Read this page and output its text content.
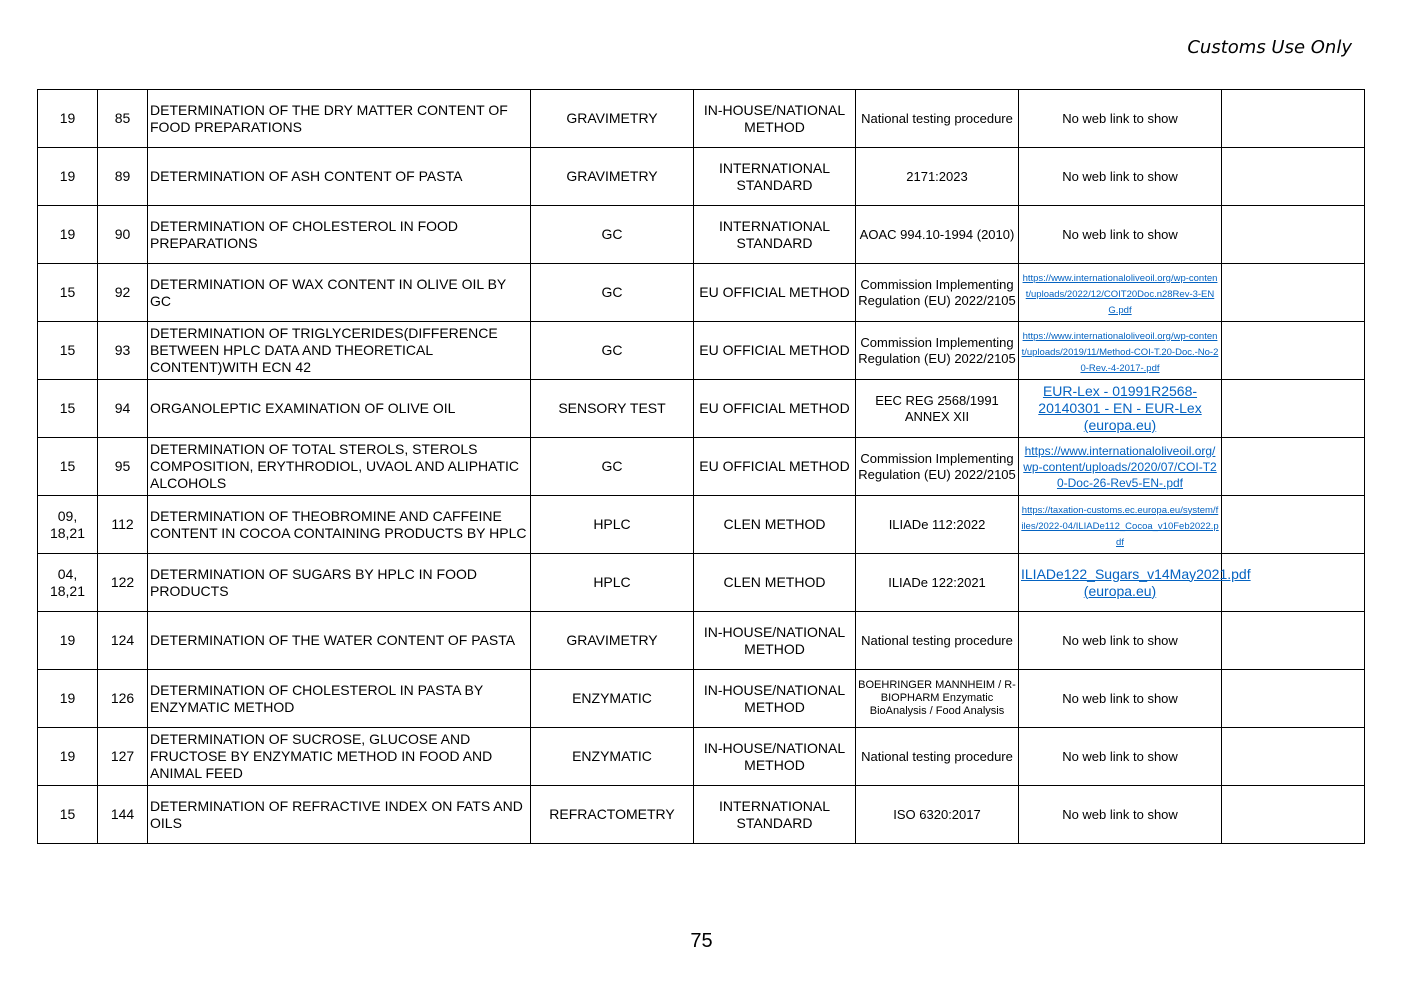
Customs Use Only
19	85	DETERMINATION OF THE DRY MATTER CONTENT OF FOOD PREPARATIONS	GRAVIMETRY	IN-HOUSE/NATIONAL METHOD	National testing procedure	No web link to show	
19	89	DETERMINATION OF ASH CONTENT OF PASTA	GRAVIMETRY	INTERNATIONAL STANDARD	2171:2023	No web link to show	
19	90	DETERMINATION OF CHOLESTEROL IN FOOD PREPARATIONS	GC	INTERNATIONAL STANDARD	AOAC 994.10-1994 (2010)	No web link to show	
15	92	DETERMINATION OF WAX CONTENT IN OLIVE OIL BY GC	GC	EU OFFICIAL METHOD	Commission Implementing Regulation (EU) 2022/2105	https://www.internationaloliveoil.org/wp-content/uploads/2022/12/COIT20Doc.n28Rev-3-ENG.pdf	
15	93	DETERMINATION OF TRIGLYCERIDES(DIFFERENCE BETWEEN HPLC DATA AND THEORETICAL CONTENT)WITH ECN 42	GC	EU OFFICIAL METHOD	Commission Implementing Regulation (EU) 2022/2105	https://www.internationaloliveoil.org/wp-content/uploads/2019/11/Method-COI-T.20-Doc.-No-20-Rev.-4-2017-.pdf	
15	94	ORGANOLEPTIC EXAMINATION OF OLIVE OIL	SENSORY TEST	EU OFFICIAL METHOD	EEC REG 2568/1991 ANNEX XII	EUR-Lex - 01991R2568-20140301 - EN - EUR-Lex (europa.eu)	
15	95	DETERMINATION OF TOTAL STEROLS, STEROLS COMPOSITION, ERYTHRODIOL, UVAOL AND ALIPHATIC ALCOHOLS	GC	EU OFFICIAL METHOD	Commission Implementing Regulation (EU) 2022/2105	https://www.internationaloliveoil.org/wp-content/uploads/2020/07/COI-T20-Doc-26-Rev5-EN-.pdf	
09, 18,21	112	DETERMINATION OF THEOBROMINE AND CAFFEINE CONTENT IN COCOA CONTAINING PRODUCTS BY HPLC	HPLC	CLEN METHOD	ILIADe 112:2022	https://taxation-customs.ec.europa.eu/system/files/2022-04/ILIADe112_Cocoa_v10Feb2022.pdf	
04, 18,21	122	DETERMINATION OF SUGARS BY HPLC IN FOOD PRODUCTS	HPLC	CLEN METHOD	ILIADe 122:2021	ILIADe122_Sugars_v14May2021.pdf (europa.eu)	
19	124	DETERMINATION OF THE WATER CONTENT OF PASTA	GRAVIMETRY	IN-HOUSE/NATIONAL METHOD	National testing procedure	No web link to show	
19	126	DETERMINATION OF CHOLESTEROL IN PASTA BY ENZYMATIC METHOD	ENZYMATIC	IN-HOUSE/NATIONAL METHOD	BOEHRINGER MANNHEIM / R-BIOPHARM Enzymatic BioAnalysis / Food Analysis	No web link to show	
19	127	DETERMINATION OF SUCROSE, GLUCOSE AND FRUCTOSE BY ENZYMATIC METHOD IN FOOD AND ANIMAL FEED	ENZYMATIC	IN-HOUSE/NATIONAL METHOD	National testing procedure	No web link to show	
15	144	DETERMINATION OF REFRACTIVE INDEX ON FATS AND OILS	REFRACTOMETRY	INTERNATIONAL STANDARD	ISO 6320:2017	No web link to show	
75
